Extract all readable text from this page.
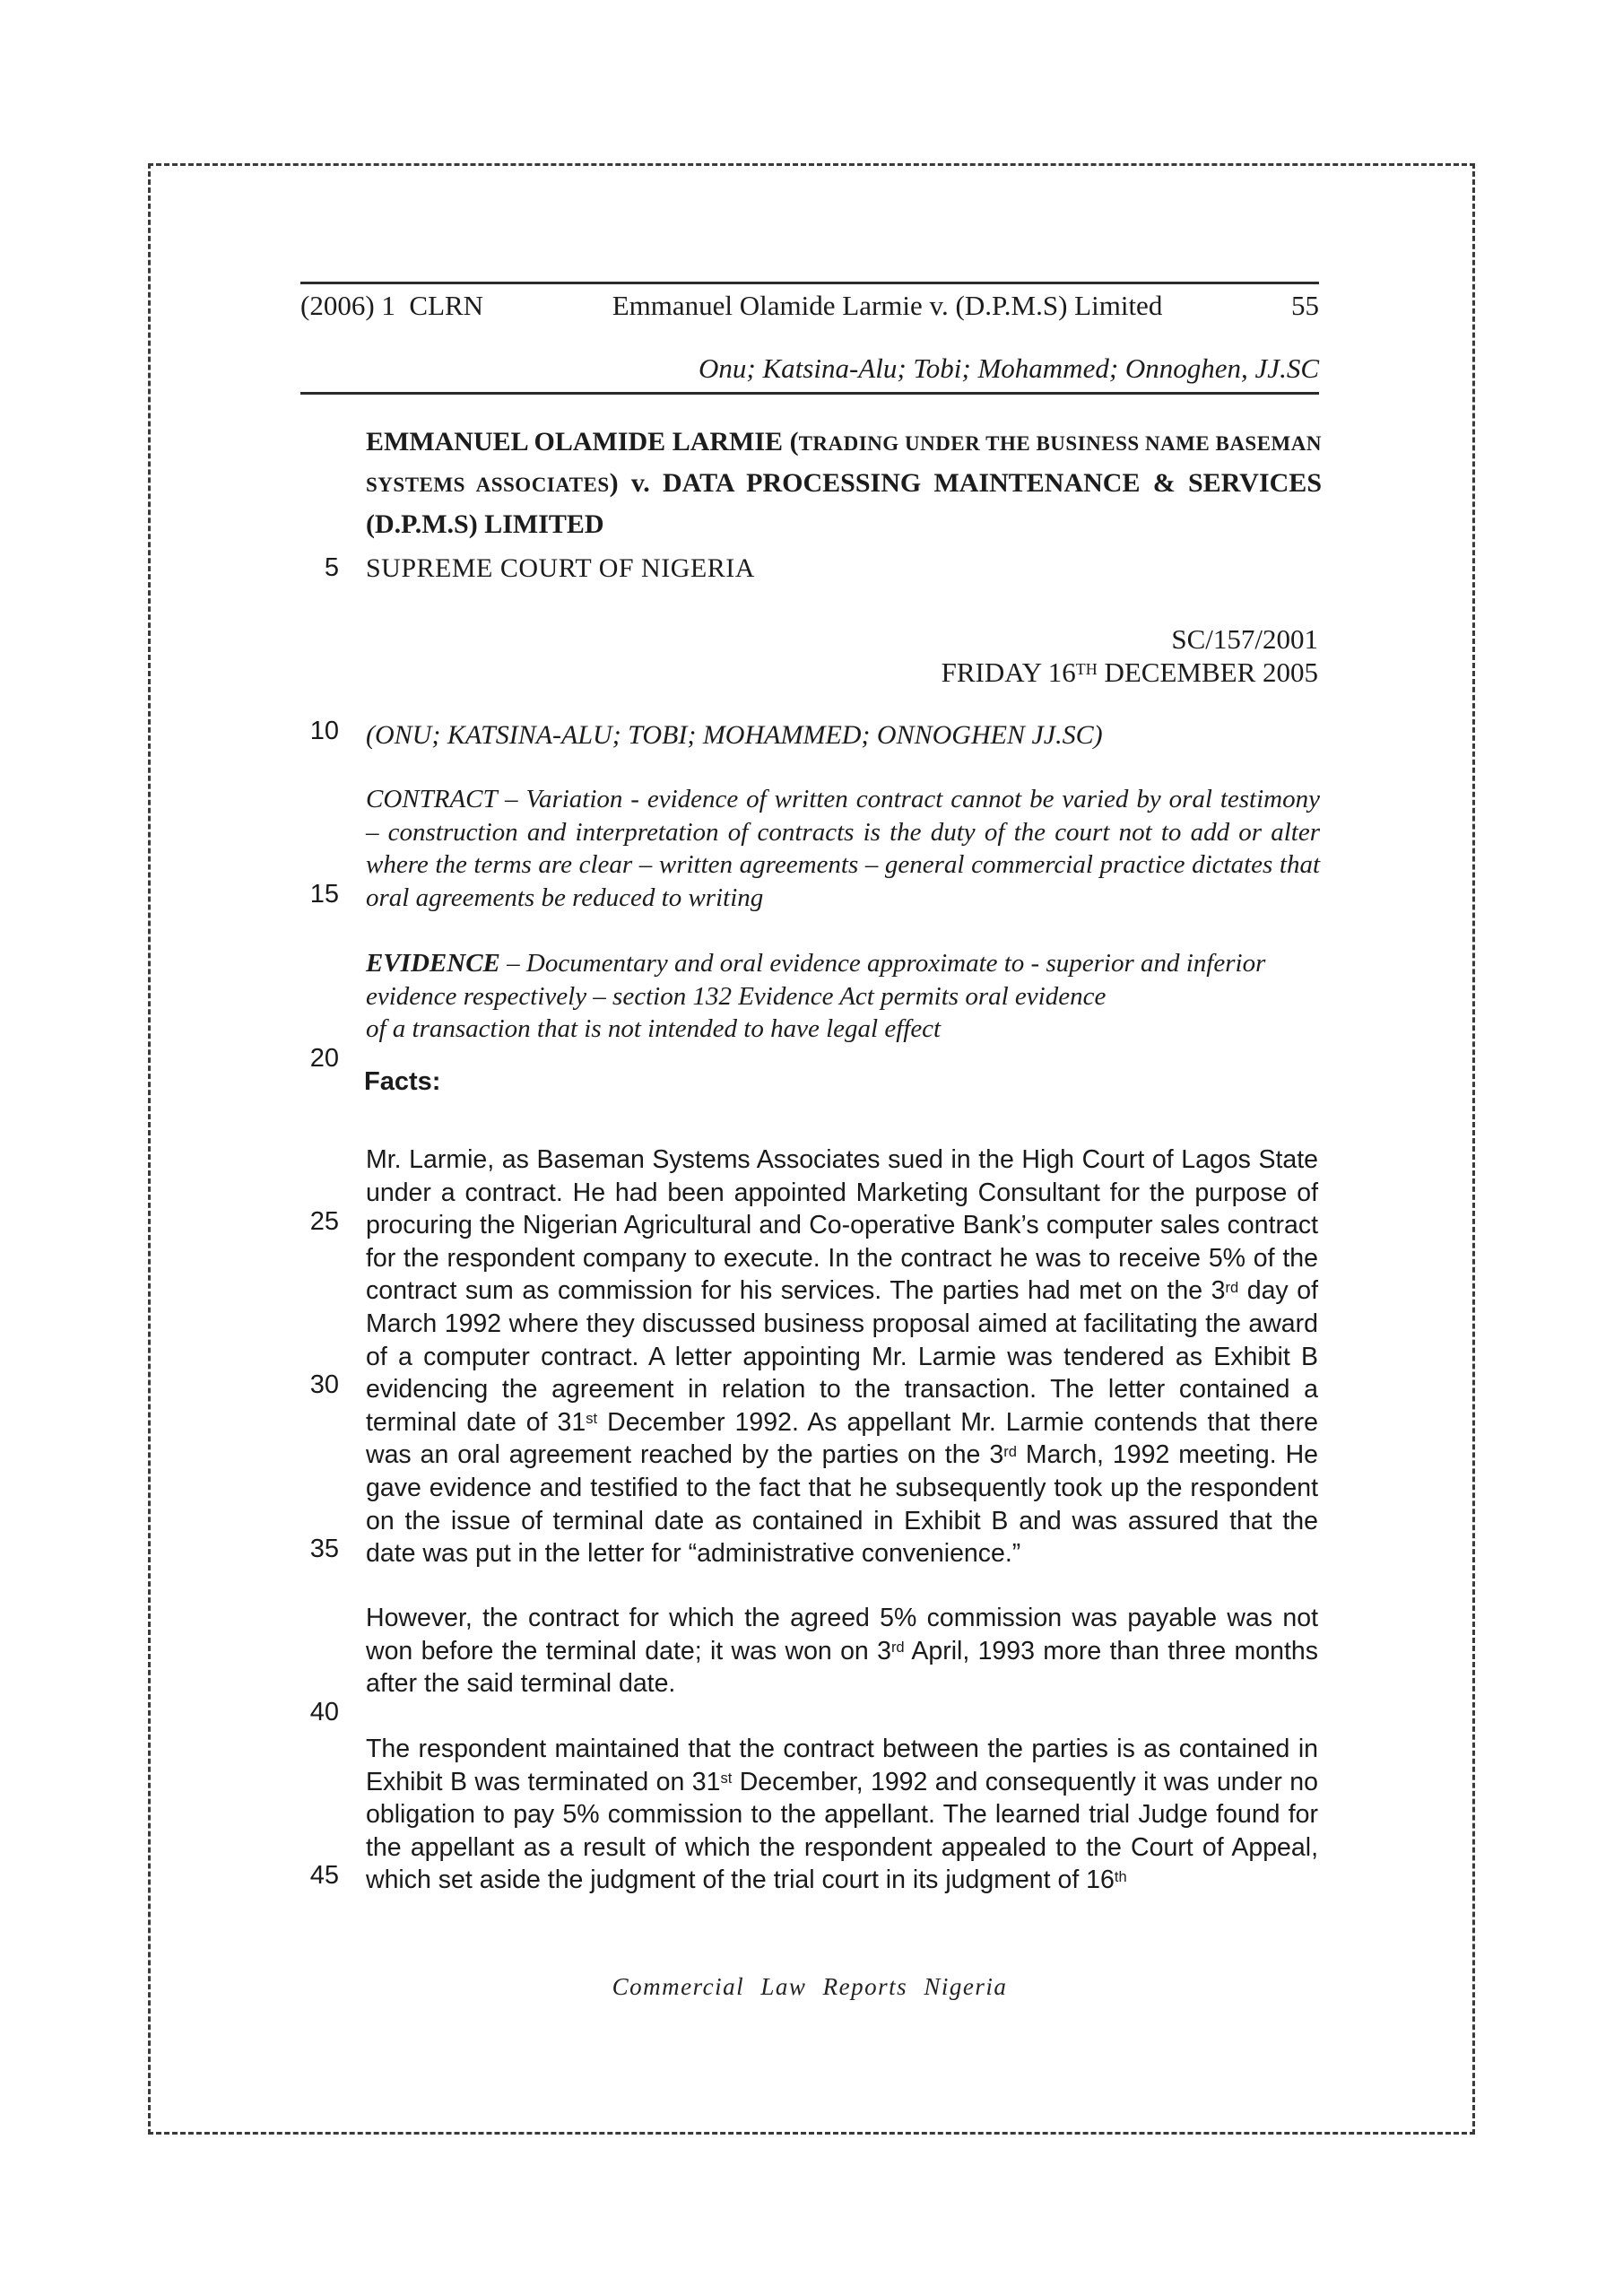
(2006) 1  CLRN	Emmanuel Olamide Larmie v. (D.P.M.S) Limited	55
Onu; Katsina-Alu; Tobi; Mohammed; Onnoghen, JJ.SC
EMMANUEL OLAMIDE LARMIE (TRADING UNDER THE BUSINESS NAME BASEMAN SYSTEMS ASSOCIATES) v. DATA PROCESSING MAINTENANCE & SERVICES (D.P.M.S) LIMITED
SUPREME COURT OF NIGERIA
SC/157/2001
FRIDAY 16TH DECEMBER 2005
(ONU; KATSINA-ALU; TOBI; MOHAMMED; ONNOGHEN JJ.SC)
CONTRACT – Variation - evidence of written contract cannot be varied by oral testimony – construction and interpretation of contracts is the duty of the court not to add or alter where the terms are clear – written agreements – general commercial practice dictates that oral agreements be reduced to writing
EVIDENCE – Documentary and oral evidence approximate to - superior and inferior
evidence respectively – section 132 Evidence Act permits oral evidence
of a transaction that is not intended to have legal effect
Facts:
Mr. Larmie, as Baseman Systems Associates sued in the High Court of Lagos State under a contract. He had been appointed Marketing Consultant for the purpose of procuring the Nigerian Agricultural and Co-operative Bank’s computer sales contract for the respondent company to execute. In the contract he was to receive 5% of the contract sum as commission for his services. The parties had met on the 3rd day of March 1992 where they discussed business proposal aimed at facilitating the award of a computer contract. A letter appointing Mr. Larmie was tendered as Exhibit B evidencing the agreement in relation to the transaction. The letter contained a terminal date of 31st December 1992. As appellant Mr. Larmie contends that there was an oral agreement reached by the parties on the 3rd March, 1992 meeting. He gave evidence and testified to the fact that he subsequently took up the respondent on the issue of terminal date as contained in Exhibit B and was assured that the date was put in the letter for “administrative convenience.”
However, the contract for which the agreed 5% commission was payable was not won before the terminal date; it was won on 3rd April, 1993 more than three months after the said terminal date.
The respondent maintained that the contract between the parties is as contained in Exhibit B was terminated on 31st December, 1992 and consequently it was under no obligation to pay 5% commission to the appellant. The learned trial Judge found for the appellant as a result of which the respondent appealed to the Court of Appeal, which set aside the judgment of the trial court in its judgment of 16th
5
10
15
20
25
30
35
40
45
Commercial Law Reports Nigeria
